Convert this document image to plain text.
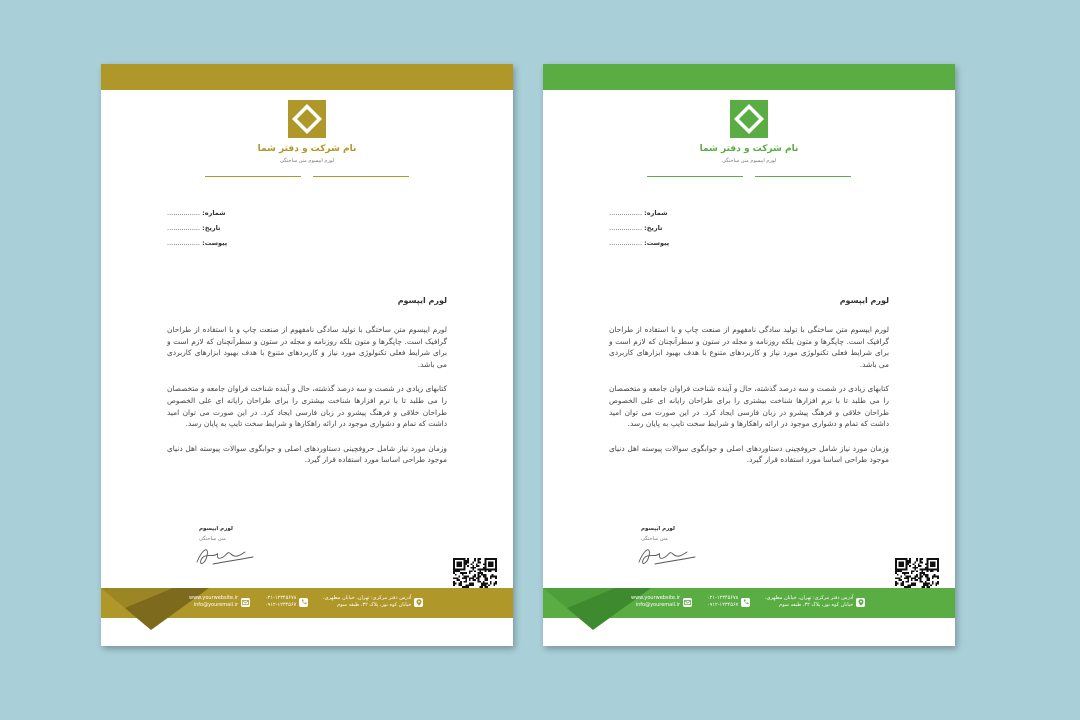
نام شرکت و دفتر شما
لورم ایپسوم متن ساختگی
شماره: ................
تاریخ: ................
پیوست: ................
لورم ایپسوم

لورم ایپسوم متن ساختگی با تولید سادگی نامفهوم از صنعت چاپ و با استفاده از طراحان گرافیک است. چاپگرها و متون بلکه روزنامه و مجله در ستون و سطرآنچنان که لازم است و برای شرایط فعلی تکنولوژی مورد نیاز و کاربردهای متنوع با هدف بهبود ابزارهای کاربردی می باشد.

کتابهای زیادی در شصت و سه درصد گذشته، حال و آینده شناخت فراوان جامعه و متخصصان را می طلبد تا با نرم افزارها شناخت بیشتری را برای طراحان رایانه ای علی الخصوص طراحان خلاقی و فرهنگ پیشرو در زبان فارسی ایجاد کرد. در این صورت می توان امید داشت که تمام و دشواری موجود در ارائه راهکارها و شرایط سخت تایپ به پایان رسد.

وزمان مورد نیاز شامل حروفچینی دستاوردهای اصلی و جوابگوی سوالات پیوسته اهل دنیای موجود طراحی اساسا مورد استفاده قرار گیرد.

لورم ایپسوم
متن ساختگی
www.yourwebsite.ir
info@youremail.ir
۰۲۱-۱۲۳۴۵۶۷۸
۰۹۱۲-۱۲۳۴۵۶۷
آدرس دفتر مرکزی: تهران، خیابان مطهری،
خیابان کوه نور، پلاک ۳۲، طبقه سوم
نام شرکت و دفتر شما
لورم ایپسوم متن ساختگی
شماره: ................
تاریخ: ................
پیوست: ................
لورم ایپسوم

لورم ایپسوم متن ساختگی با تولید سادگی نامفهوم از صنعت چاپ و با استفاده از طراحان گرافیک است. چاپگرها و متون بلکه روزنامه و مجله در ستون و سطرآنچنان که لازم است و برای شرایط فعلی تکنولوژی مورد نیاز و کاربردهای متنوع با هدف بهبود ابزارهای کاربردی می باشد.

کتابهای زیادی در شصت و سه درصد گذشته، حال و آینده شناخت فراوان جامعه و متخصصان را می طلبد تا با نرم افزارها شناخت بیشتری را برای طراحان رایانه ای علی الخصوص طراحان خلاقی و فرهنگ پیشرو در زبان فارسی ایجاد کرد. در این صورت می توان امید داشت که تمام و دشواری موجود در ارائه راهکارها و شرایط سخت تایپ به پایان رسد.

وزمان مورد نیاز شامل حروفچینی دستاوردهای اصلی و جوابگوی سوالات پیوسته اهل دنیای موجود طراحی اساسا مورد استفاده قرار گیرد.

لورم ایپسوم
متن ساختگی
www.yourwebsite.ir
info@youremail.ir
۰۲۱-۱۲۳۴۵۶۷۸
۰۹۱۲-۱۲۳۴۵۶۷
آدرس دفتر مرکزی: تهران، خیابان مطهری،
خیابان کوه نور، پلاک ۳۲، طبقه سوم
